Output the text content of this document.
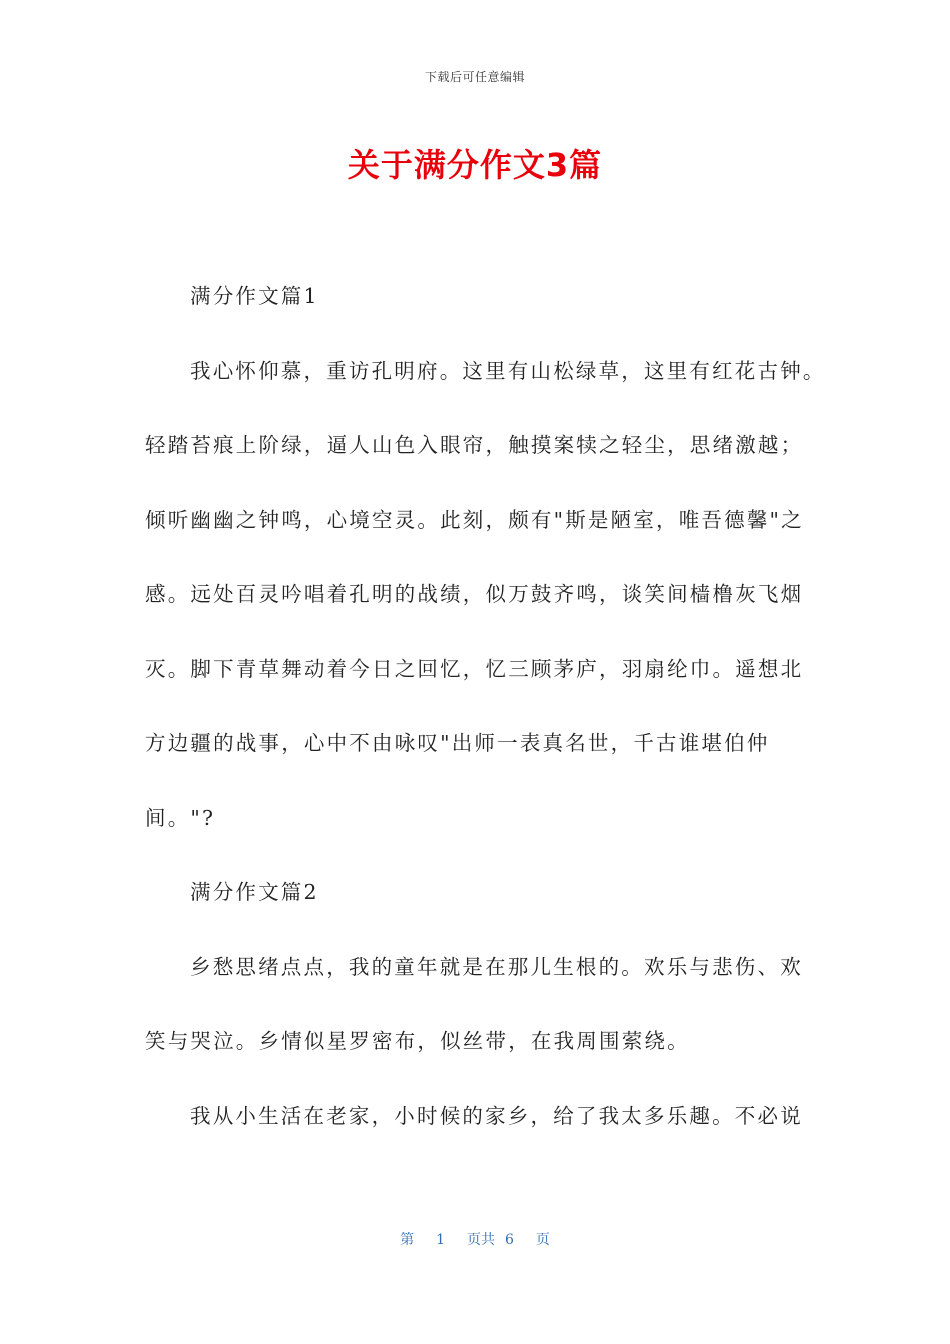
下载后可任意编辑
关于满分作文3篇
满分作文篇1
我心怀仰慕，重访孔明府。这里有山松绿草，这里有红花古钟。
轻踏苔痕上阶绿，逼人山色入眼帘，触摸案犊之轻尘，思绪激越；
倾听幽幽之钟鸣，心境空灵。此刻，颇有"斯是陋室，唯吾德馨"之
感。远处百灵吟唱着孔明的战绩，似万鼓齐鸣，谈笑间樯橹灰飞烟
灭。脚下青草舞动着今日之回忆，忆三顾茅庐，羽扇纶巾。遥想北
方边疆的战事，心中不由咏叹"出师一表真名世，千古谁堪伯仲
间。"?
满分作文篇2
乡愁思绪点点，我的童年就是在那儿生根的。欢乐与悲伤、欢
笑与哭泣。乡情似星罗密布，似丝带，在我周围萦绕。
我从小生活在老家，小时候的家乡，给了我太多乐趣。不必说
第 1 页共 6 页
